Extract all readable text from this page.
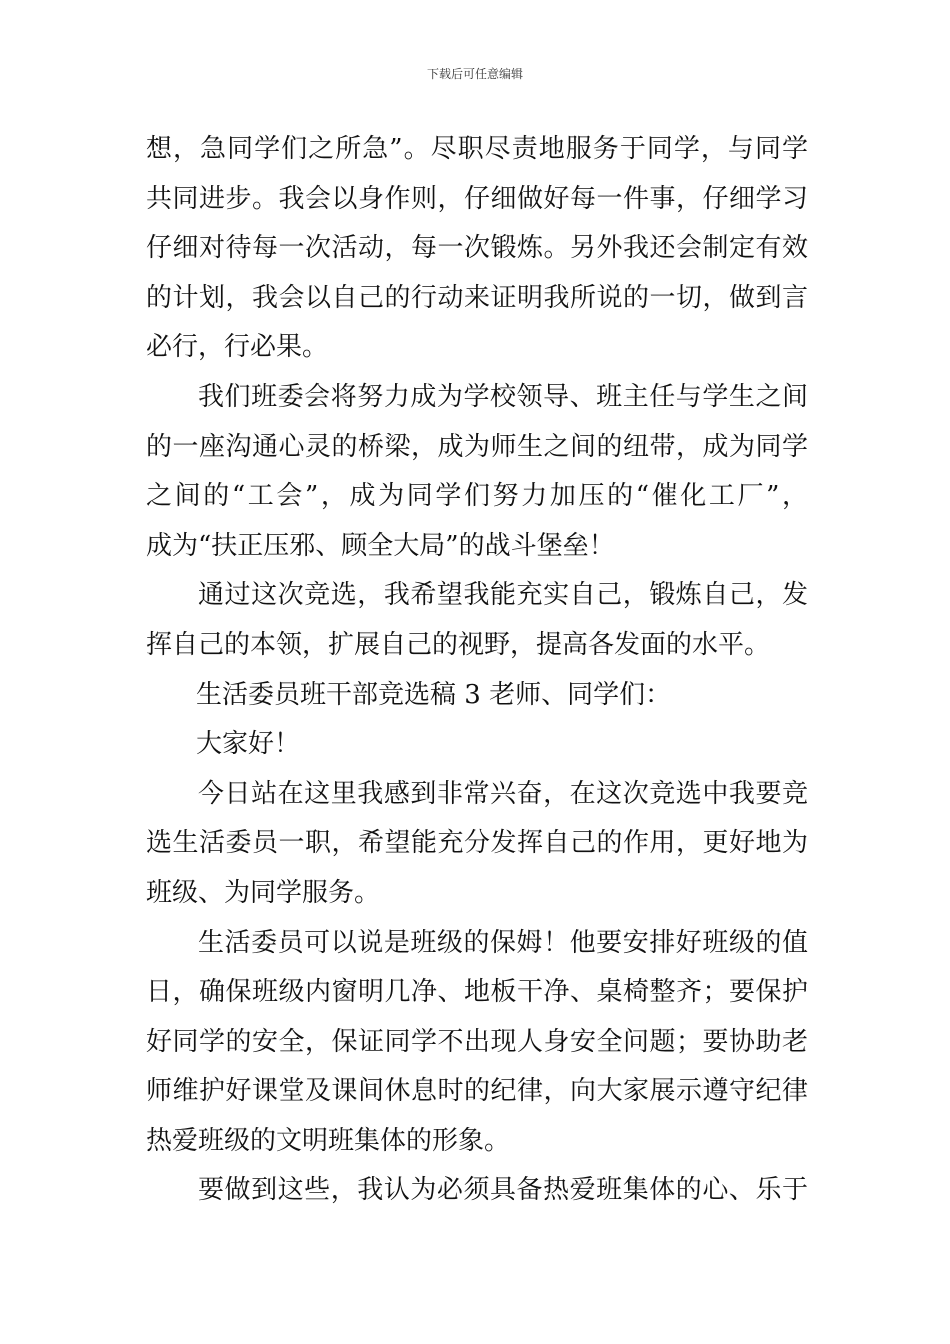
下载后可任意编辑
想，急同学们之所急”。尽职尽责地服务于同学，与同学
共同进步。我会以身作则，仔细做好每一件事，仔细学习
仔细对待每一次活动，每一次锻炼。另外我还会制定有效
的计划，我会以自己的行动来证明我所说的一切，做到言
必行，行必果。
我们班委会将努力成为学校领导、班主任与学生之间
的一座沟通心灵的桥梁，成为师生之间的纽带，成为同学
之间的“工会”，成为同学们努力加压的“催化工厂”，
成为“扶正压邪、顾全大局”的战斗堡垒！
通过这次竞选，我希望我能充实自己，锻炼自己，发
挥自己的本领，扩展自己的视野，提高各发面的水平。
生活委员班干部竞选稿 3 老师、同学们：
大家好！
今日站在这里我感到非常兴奋，在这次竞选中我要竞
选生活委员一职，希望能充分发挥自己的作用，更好地为
班级、为同学服务。
生活委员可以说是班级的保姆！他要安排好班级的值
日，确保班级内窗明几净、地板干净、桌椅整齐；要保护
好同学的安全，保证同学不出现人身安全问题；要协助老
师维护好课堂及课间休息时的纪律，向大家展示遵守纪律
热爱班级的文明班集体的形象。
要做到这些，我认为必须具备热爱班集体的心、乐于
